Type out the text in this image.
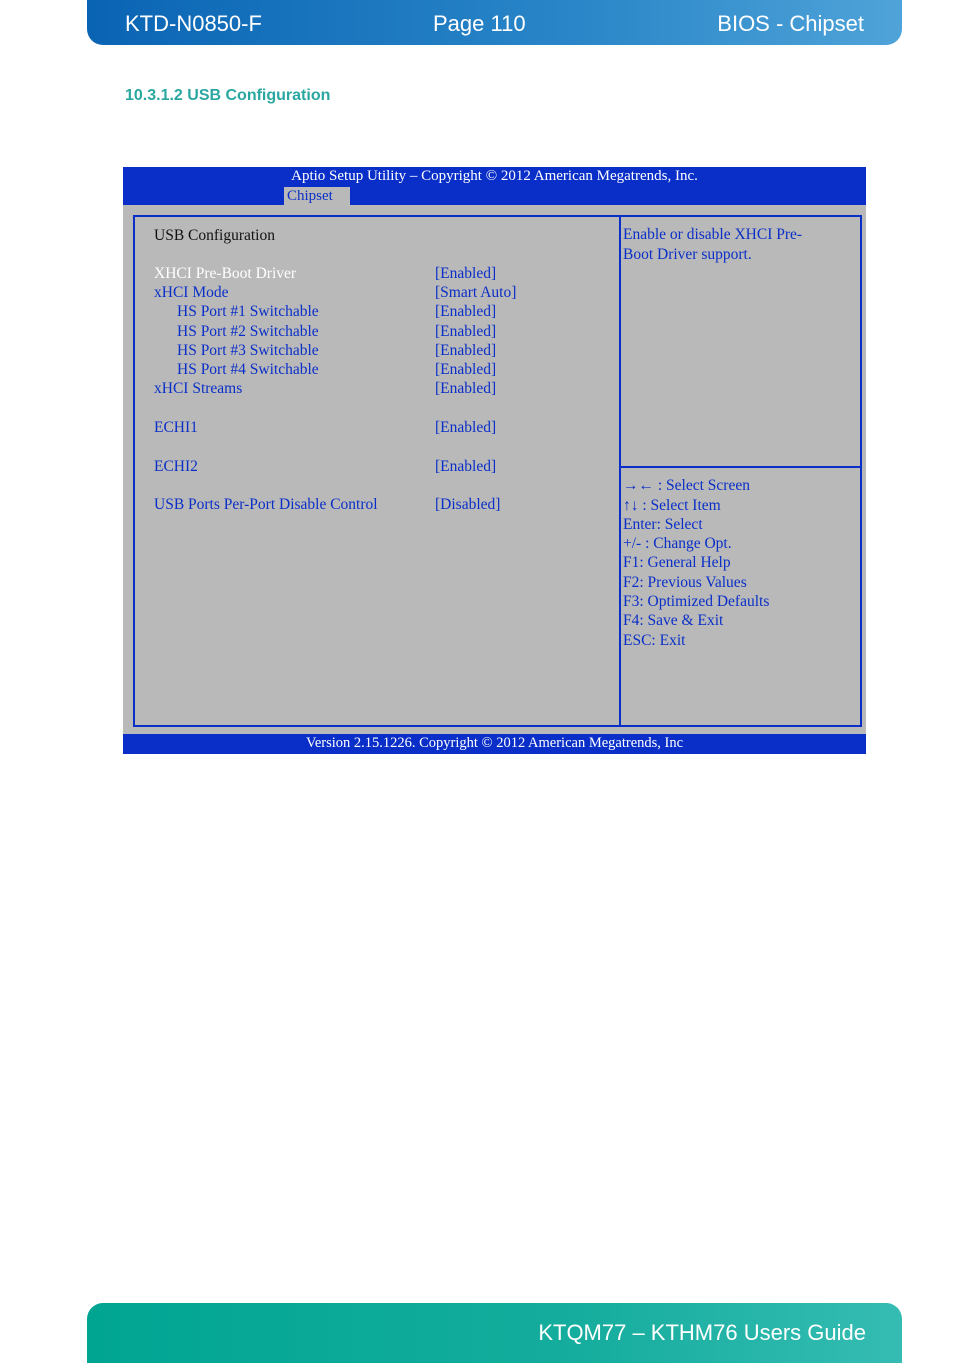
KTD-N0850-F	Page 110	BIOS - Chipset
10.3.1.2 USB Configuration
Aptio Setup Utility – Copyright © 2012 American Megatrends, Inc.
Chipset
USB Configuration
XHCI Pre-Boot Driver	[Enabled]
xHCI Mode	[Smart Auto]
HS Port #1 Switchable	[Enabled]
HS Port #2 Switchable	[Enabled]
HS Port #3 Switchable	[Enabled]
HS Port #4 Switchable	[Enabled]
xHCI Streams	[Enabled]
ECHI1	[Enabled]
ECHI2	[Enabled]
USB Ports Per-Port Disable Control	[Disabled]
Enable or disable XHCI Pre-
Boot Driver support.
→← : Select Screen
↑↓ : Select Item
Enter: Select
+/- : Change Opt.
F1: General Help
F2: Previous Values
F3: Optimized Defaults
F4: Save & Exit
ESC: Exit
Version 2.15.1226. Copyright © 2012 American Megatrends, Inc
KTQM77 – KTHM76 Users Guide
